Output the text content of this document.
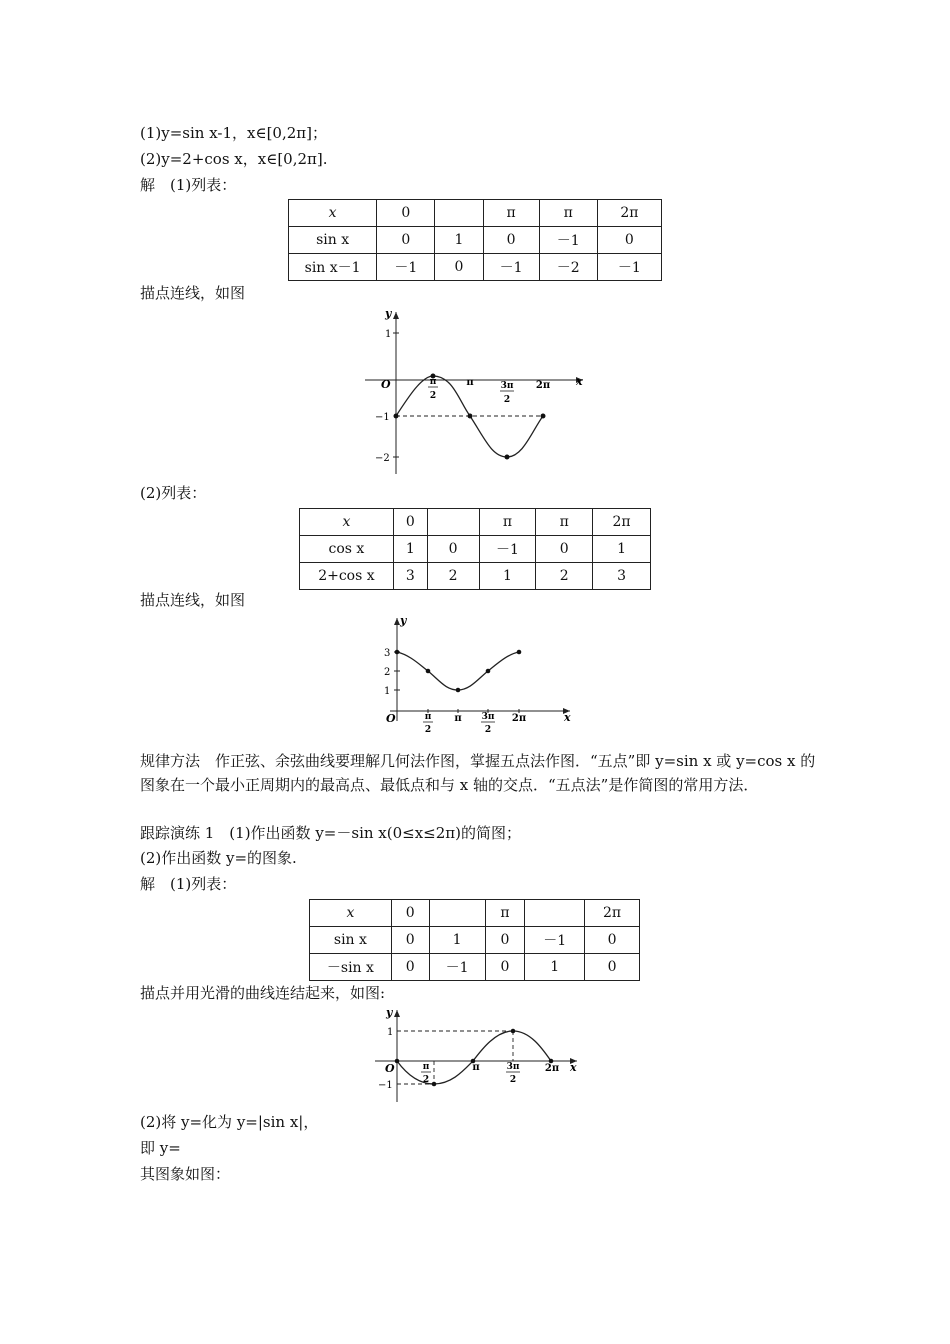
(1)y=sin x-1，x∈[0,2π]；
(2)y=2+cos x，x∈[0,2π].
解　(1)列表：
x	0		π	π	2π
sin x	0	1	0	－1	0
sin x－1	－1	0	－1	－2	－1
描点连线，如图
y
x
O
1
−1
−2
π
2
π	3π
2
2π
(2)列表：
x	0		π	π	2π
cos x	1	0	－1	0	1
2+cos x	3	2	1	2	3
描点连线，如图
y
x
O
3
2
1
π
2
π 3π
2
2π
规律方法　作正弦、余弦曲线要理解几何法作图，掌握五点法作图．“五点”即 y=sin x 或 y=cos x 的图象在一个最小正周期内的最高点、最低点和与 x 轴的交点．“五点法”是作简图的常用方法．
跟踪演练 1　(1)作出函数 y=－sin x(0≤x≤2π)的简图；
(2)作出函数 y=的图象.
解　(1)列表：
x	0		π		2π
sin x	0	1	0	－1	0
－sin x	0	－1	0	1	0
描点并用光滑的曲线连结起来，如图:
y
x
O
1
−1
π
2
π	3π
2
2π
(2)将 y=化为 y=|sin x|，
即 y=
其图象如图：
